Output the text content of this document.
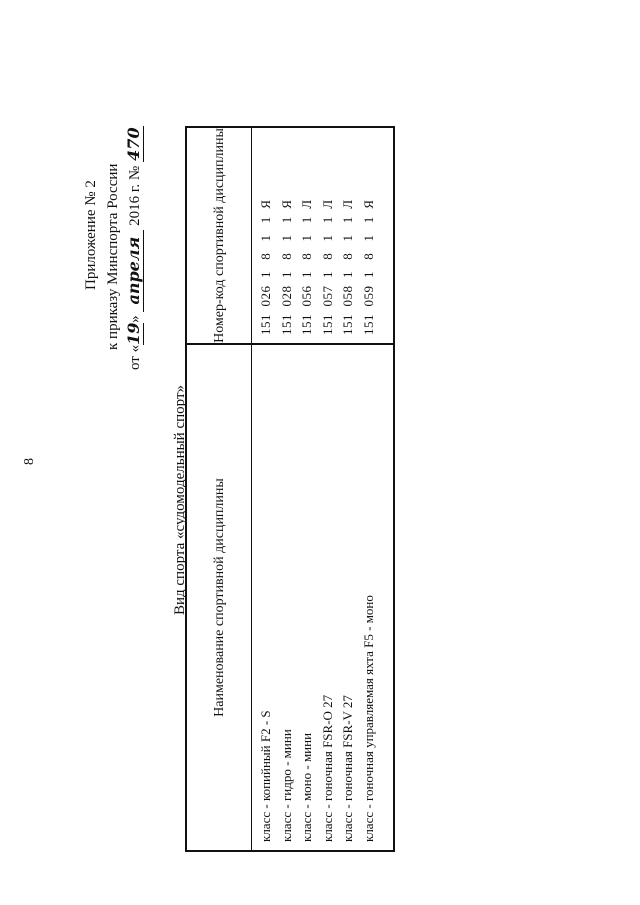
8
Приложение № 2 к приказу Минспорта России
от «19» апреля 2016 г. № 470
Вид спорта «судомодельный спорт» Наименование спортивной дисциплины	Номер-код спортивной дисциплины

класс - копийный F2 - S	151  026  1   8   1   1  Я
класс - гидро - мини	151  028  1   8   1   1  Я
класс - моно - мини	151  056  1   8   1   1  Л
класс - гоночная FSR-O 27	151  057  1   8   1   1  Л
класс - гоночная FSR-V 27	151  058  1   8   1   1  Л
класс - гоночная управляемая яхта F5 - моно	151  059  1   8   1   1  Я
